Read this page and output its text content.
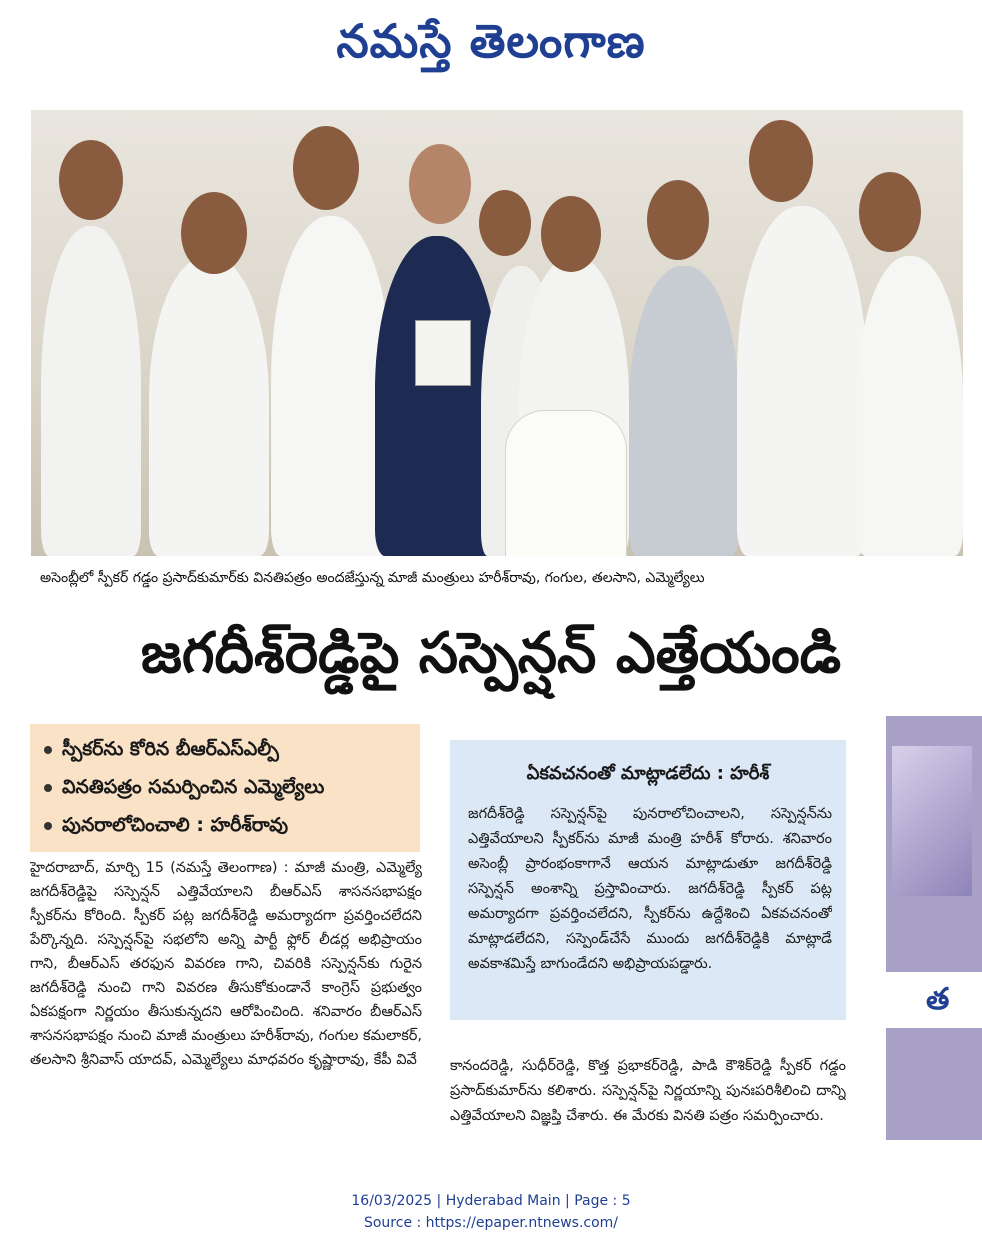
నమస్తే తెలంగాణ
అసెంబ్లీలో స్పీకర్ గడ్డం ప్రసాద్‌కుమార్‌కు వినతిపత్రం అందజేస్తున్న మాజీ మంత్రులు హరీశ్‌రావు, గంగుల, తలసాని, ఎమ్మెల్యేలు
జగదీశ్‌రెడ్డిపై సస్పెన్షన్ ఎత్తేయండి
స్పీకర్‌ను కోరిన బీఆర్‌ఎస్‌ఎల్పీ
వినతిపత్రం సమర్పించిన ఎమ్మెల్యేలు
పునరాలోచించాలి : హరీశ్‌రావు
హైదరాబాద్, మార్చి 15 (నమస్తే తెలంగాణ) : మాజీ మంత్రి, ఎమ్మెల్యే జగదీశ్‌రెడ్డిపై సస్పెన్షన్ ఎత్తివేయాలని బీఆర్‌ఎస్ శాసనసభాపక్షం స్పీకర్‌ను కోరింది. స్పీకర్ పట్ల జగదీశ్‌రెడ్డి అమర్యాదగా ప్రవర్తించలేదని పేర్కొన్నది. సస్పెన్షన్‌పై సభలోని అన్ని పార్టీ ఫ్లోర్ లీడర్ల అభిప్రాయం గాని, బీఆర్‌ఎస్ తరఫున వివరణ గాని, చివరికి సస్పెన్షన్‌కు గురైన జగదీశ్‌రెడ్డి నుంచి గాని వివరణ తీసుకోకుండానే కాంగ్రెస్ ప్రభుత్వం ఏకపక్షంగా నిర్ణయం తీసుకున్నదని ఆరోపించింది. శనివారం బీఆర్‌ఎస్ శాసనసభాపక్షం నుంచి మాజీ మంత్రులు హరీశ్‌రావు, గంగుల కమలాకర్, తలసాని శ్రీనివాస్ యాదవ్, ఎమ్మెల్యేలు మాధవరం కృష్ణారావు, కేపీ వివే
ఏకవచనంతో మాట్లాడలేదు : హరీశ్
జగదీశ్‌రెడ్డి సస్పెన్షన్‌పై పునరాలోచించాలని, సస్పెన్షన్‌ను ఎత్తివేయాలని స్పీకర్‌ను మాజీ మంత్రి హరీశ్ కోరారు. శనివారం అసెంబ్లీ ప్రారంభంకాగానే ఆయన మాట్లాడుతూ జగదీశ్‌రెడ్డి సస్పెన్షన్ అంశాన్ని ప్రస్తావించారు. జగదీశ్‌రెడ్డి స్పీకర్ పట్ల అమర్యాదగా ప్రవర్తించలేదని, స్పీకర్‌ను ఉద్దేశించి ఏకవచనంతో మాట్లాడలేదని, సస్పెండ్‌చేసే ముందు జగదీశ్‌రెడ్డికి మాట్లాడే అవకాశమిస్తే బాగుండేదని అభిప్రాయపడ్డారు.
కానందరెడ్డి, సుధీర్‌రెడ్డి, కొత్త ప్రభాకర్‌రెడ్డి, పాడి కౌశిక్‌రెడ్డి స్పీకర్ గడ్డం ప్రసాద్‌కుమార్‌ను కలిశారు. సస్పెన్షన్‌పై నిర్ణయాన్ని పునఃపరిశీలించి దాన్ని ఎత్తివేయాలని విజ్ఞప్తి చేశారు. ఈ మేరకు వినతి పత్రం సమర్పించారు.
త
16/03/2025 | Hyderabad Main | Page : 5
Source : https://epaper.ntnews.com/
